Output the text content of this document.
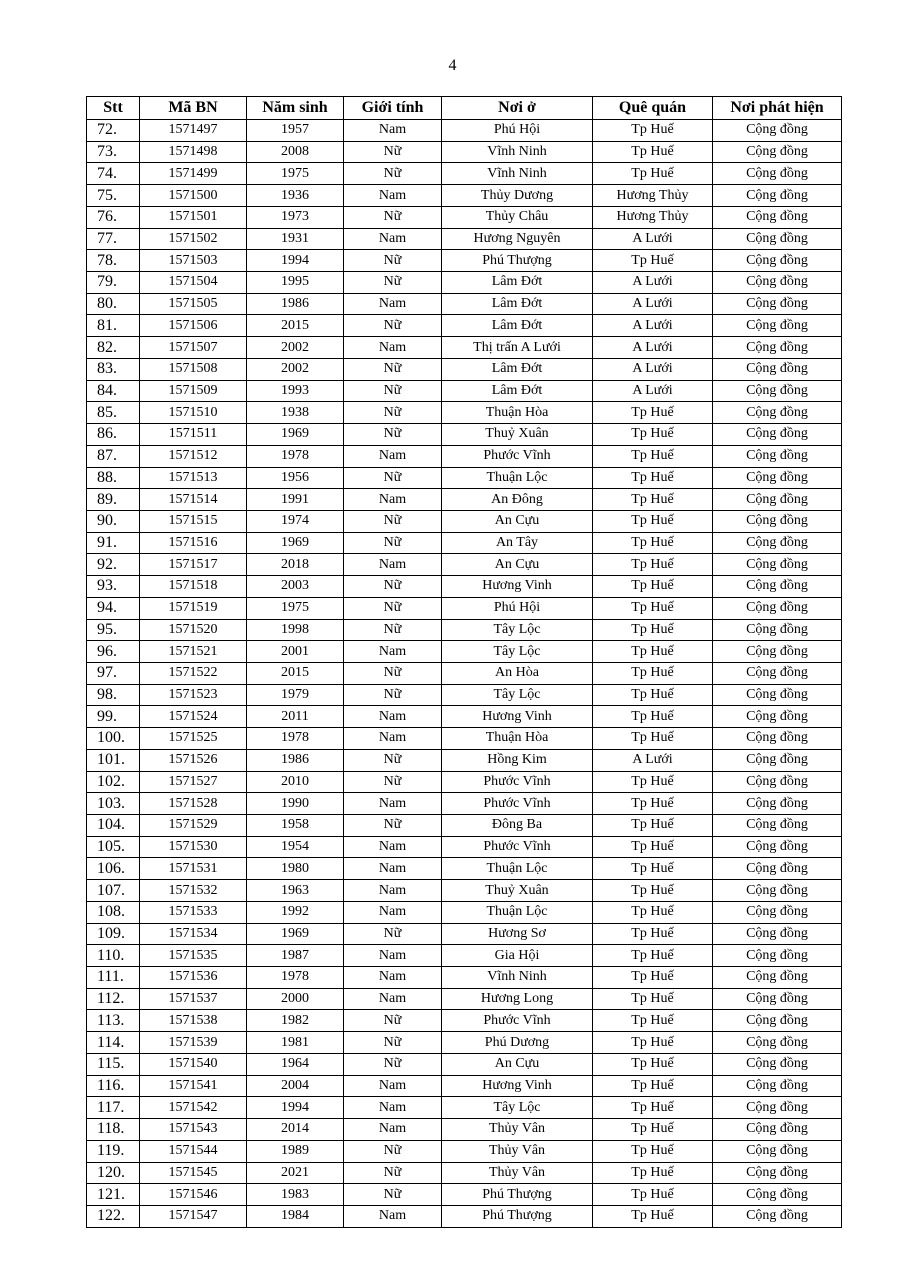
4
Stt	Mã BN	Năm sinh	Giới tính	Nơi ở	Quê quán	Nơi phát hiện
72.	1571497	1957	Nam	Phú Hội	Tp Huế	Cộng đồng
73.	1571498	2008	Nữ	Vĩnh Ninh	Tp Huế	Cộng đồng
74.	1571499	1975	Nữ	Vĩnh Ninh	Tp Huế	Cộng đồng
75.	1571500	1936	Nam	Thủy Dương	Hương Thủy	Cộng đồng
76.	1571501	1973	Nữ	Thủy Châu	Hương Thủy	Cộng đồng
77.	1571502	1931	Nam	Hương Nguyên	A Lưới	Cộng đồng
78.	1571503	1994	Nữ	Phú Thượng	Tp Huế	Cộng đồng
79.	1571504	1995	Nữ	Lâm Đớt	A Lưới	Cộng đồng
80.	1571505	1986	Nam	Lâm Đớt	A Lưới	Cộng đồng
81.	1571506	2015	Nữ	Lâm Đớt	A Lưới	Cộng đồng
82.	1571507	2002	Nam	Thị trấn A Lưới	A Lưới	Cộng đồng
83.	1571508	2002	Nữ	Lâm Đớt	A Lưới	Cộng đồng
84.	1571509	1993	Nữ	Lâm Đớt	A Lưới	Cộng đồng
85.	1571510	1938	Nữ	Thuận Hòa	Tp Huế	Cộng đồng
86.	1571511	1969	Nữ	Thuỷ Xuân	Tp Huế	Cộng đồng
87.	1571512	1978	Nam	Phước Vĩnh	Tp Huế	Cộng đồng
88.	1571513	1956	Nữ	Thuận Lộc	Tp Huế	Cộng đồng
89.	1571514	1991	Nam	An Đông	Tp Huế	Cộng đồng
90.	1571515	1974	Nữ	An Cựu	Tp Huế	Cộng đồng
91.	1571516	1969	Nữ	An Tây	Tp Huế	Cộng đồng
92.	1571517	2018	Nam	An Cựu	Tp Huế	Cộng đồng
93.	1571518	2003	Nữ	Hương Vinh	Tp Huế	Cộng đồng
94.	1571519	1975	Nữ	Phú Hội	Tp Huế	Cộng đồng
95.	1571520	1998	Nữ	Tây Lộc	Tp Huế	Cộng đồng
96.	1571521	2001	Nam	Tây Lộc	Tp Huế	Cộng đồng
97.	1571522	2015	Nữ	An Hòa	Tp Huế	Cộng đồng
98.	1571523	1979	Nữ	Tây Lộc	Tp Huế	Cộng đồng
99.	1571524	2011	Nam	Hương Vinh	Tp Huế	Cộng đồng
100.	1571525	1978	Nam	Thuận Hòa	Tp Huế	Cộng đồng
101.	1571526	1986	Nữ	Hồng Kim	A Lưới	Cộng đồng
102.	1571527	2010	Nữ	Phước Vĩnh	Tp Huế	Cộng đồng
103.	1571528	1990	Nam	Phước Vĩnh	Tp Huế	Cộng đồng
104.	1571529	1958	Nữ	Đông Ba	Tp Huế	Cộng đồng
105.	1571530	1954	Nam	Phước Vĩnh	Tp Huế	Cộng đồng
106.	1571531	1980	Nam	Thuận Lộc	Tp Huế	Cộng đồng
107.	1571532	1963	Nam	Thuỷ Xuân	Tp Huế	Cộng đồng
108.	1571533	1992	Nam	Thuận Lộc	Tp Huế	Cộng đồng
109.	1571534	1969	Nữ	Hương Sơ	Tp Huế	Cộng đồng
110.	1571535	1987	Nam	Gia Hội	Tp Huế	Cộng đồng
111.	1571536	1978	Nam	Vĩnh Ninh	Tp Huế	Cộng đồng
112.	1571537	2000	Nam	Hương Long	Tp Huế	Cộng đồng
113.	1571538	1982	Nữ	Phước Vĩnh	Tp Huế	Cộng đồng
114.	1571539	1981	Nữ	Phú Dương	Tp Huế	Cộng đồng
115.	1571540	1964	Nữ	An Cựu	Tp Huế	Cộng đồng
116.	1571541	2004	Nam	Hương Vinh	Tp Huế	Cộng đồng
117.	1571542	1994	Nam	Tây Lộc	Tp Huế	Cộng đồng
118.	1571543	2014	Nam	Thủy Vân	Tp Huế	Cộng đồng
119.	1571544	1989	Nữ	Thủy Vân	Tp Huế	Cộng đồng
120.	1571545	2021	Nữ	Thủy Vân	Tp Huế	Cộng đồng
121.	1571546	1983	Nữ	Phú Thượng	Tp Huế	Cộng đồng
122.	1571547	1984	Nam	Phú Thượng	Tp Huế	Cộng đồng
